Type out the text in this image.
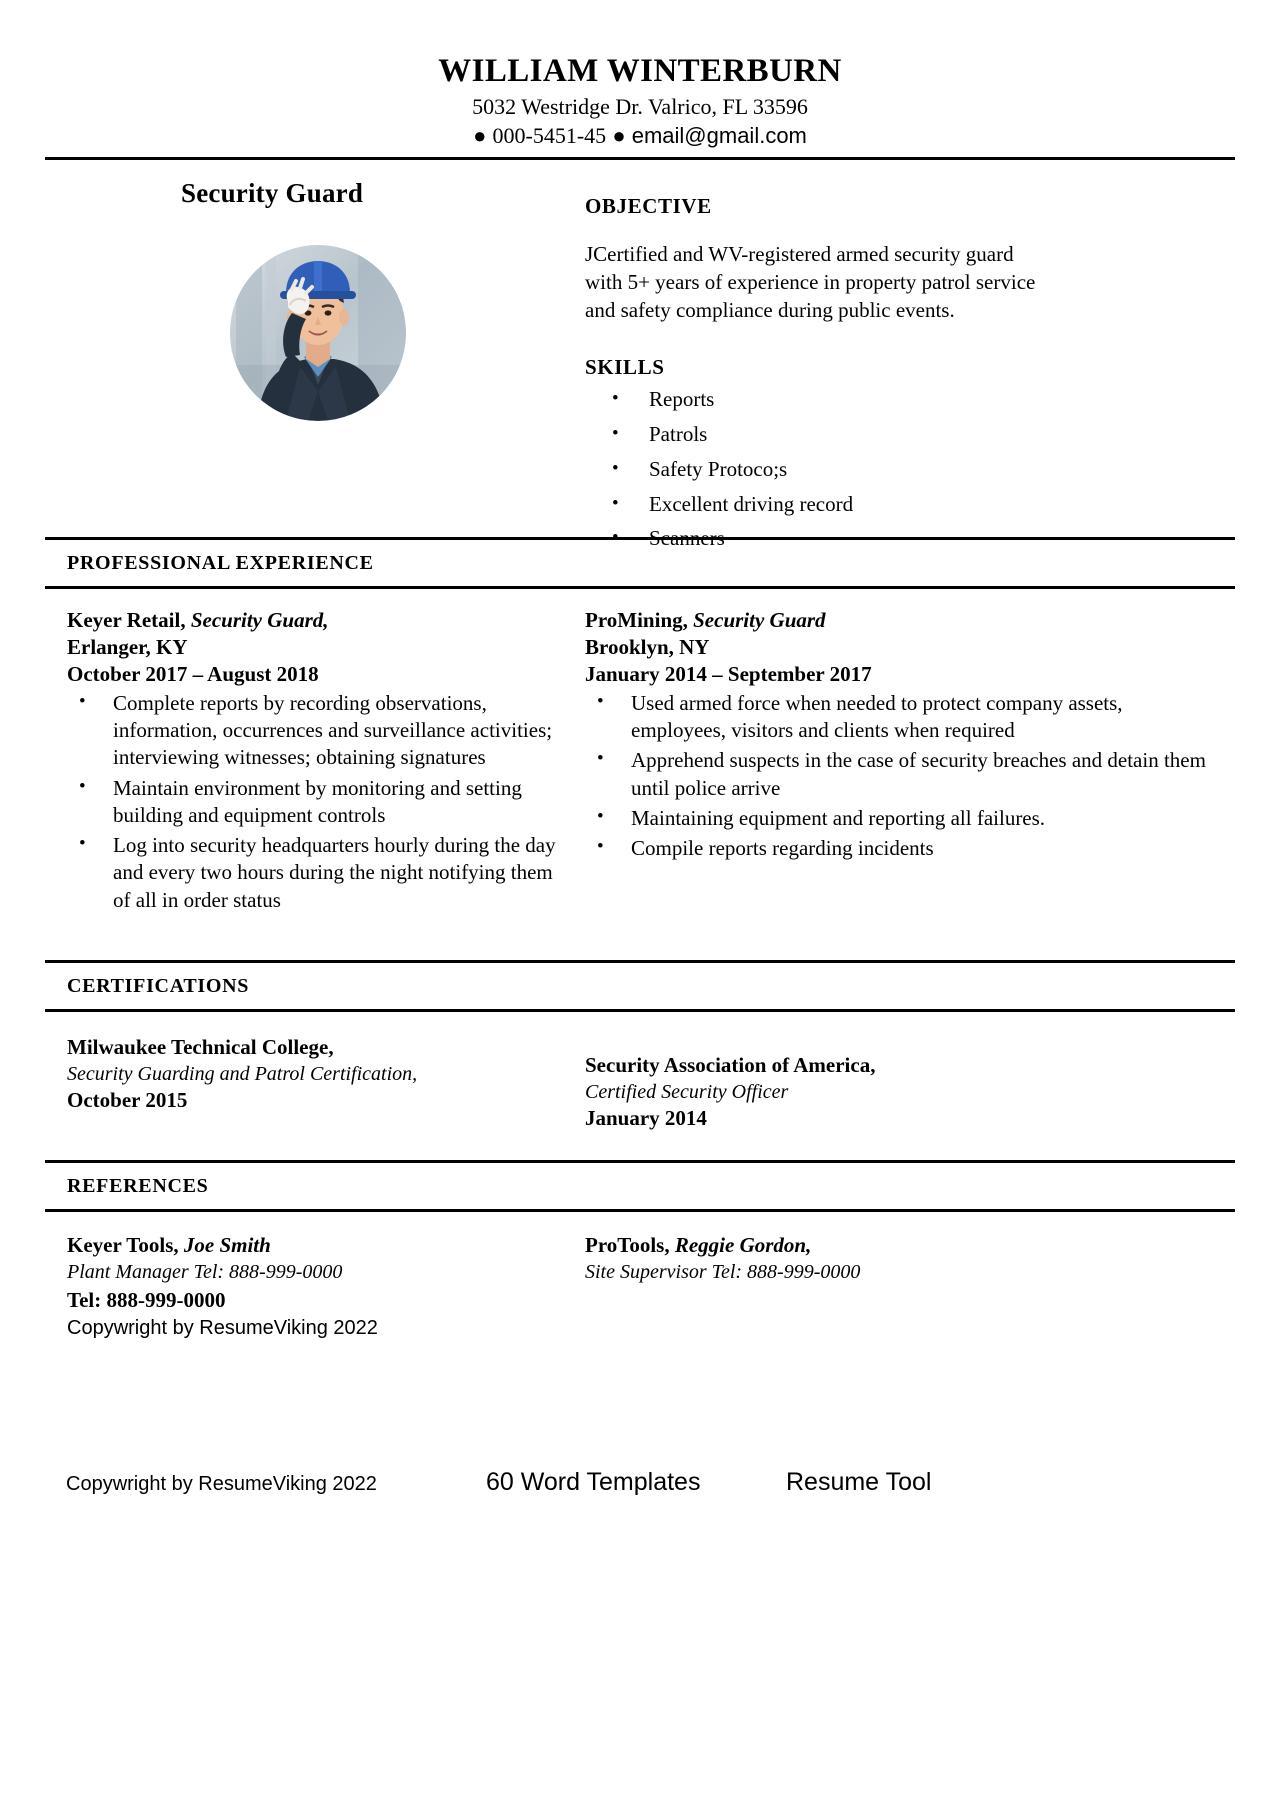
WILLIAM WINTERBURN
5032 Westridge Dr. Valrico, FL 33596
● 000-5451-45 ● email@gmail.com
Security Guard	OBJECTIVE
JCertified and WV-registered armed security guard with 5+ years of experience in property patrol service and safety compliance during public events.
SKILLS
• Reports
• Patrols
• Safety Protoco;s
• Excellent driving record
• Scanners
PROFESSIONAL EXPERIENCE
Keyer Retail, Security Guard,
Erlanger, KY
October 2017 – August 2018
• Complete reports by recording observations, information, occurrences and surveillance activities; interviewing witnesses; obtaining signatures
• Maintain environment by monitoring and setting building and equipment controls
• Log into security headquarters hourly during the day and every two hours during the night notifying them of all in order status
ProMining, Security Guard
Brooklyn, NY
January 2014 – September 2017
• Used armed force when needed to protect company assets, employees, visitors and clients when required
• Apprehend suspects in the case of security breaches and detain them until police arrive
• Maintaining equipment and reporting all failures.
• Compile reports regarding incidents
CERTIFICATIONS
Milwaukee Technical College,
Security Guarding and Patrol Certification,
October 2015
Security Association of America,
Certified Security Officer
January 2014
REFERENCES
Keyer Tools, Joe Smith
Plant Manager Tel: 888-999-0000
Tel: 888-999-0000
Copywright by ResumeViking 2022
ProTools, Reggie Gordon,
Site Supervisor Tel: 888-999-0000
Copywright by ResumeViking 2022	60 Word Templates	Resume Tool
